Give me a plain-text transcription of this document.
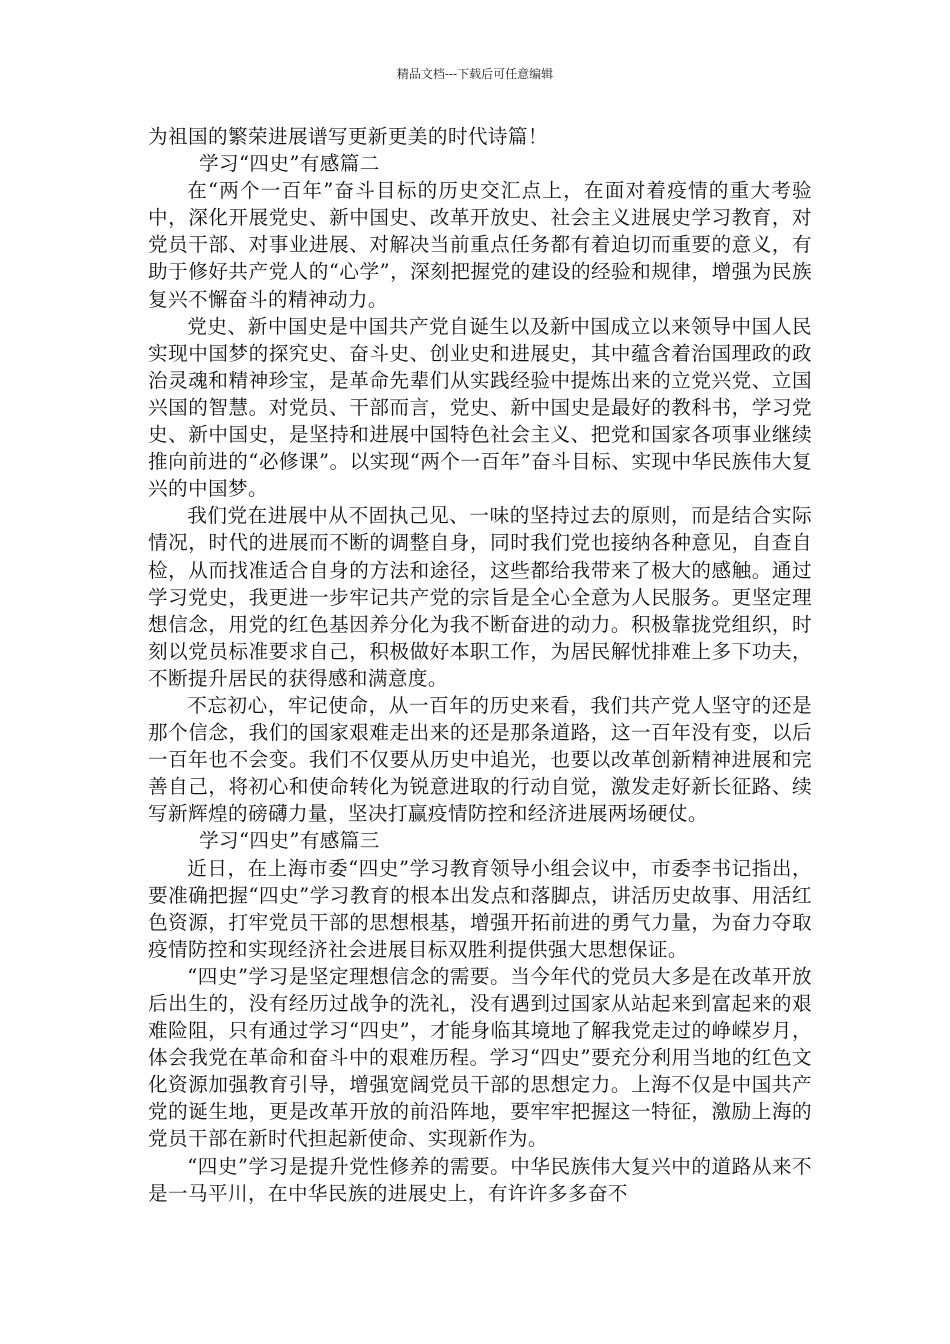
精品文档---下载后可任意编辑

为祖国的繁荣进展谱写更新更美的时代诗篇！

学习“四史”有感篇二

在“两个一百年”奋斗目标的历史交汇点上，在面对着疫情的重大考验中，深化开展党史、新中国史、改革开放史、社会主义进展史学习教育，对党员干部、对事业进展、对解决当前重点任务都有着迫切而重要的意义，有助于修好共产党人的“心学”，深刻把握党的建设的经验和规律，增强为民族复兴不懈奋斗的精神动力。

党史、新中国史是中国共产党自诞生以及新中国成立以来领导中国人民实现中国梦的探究史、奋斗史、创业史和进展史，其中蕴含着治国理政的政治灵魂和精神珍宝，是革命先辈们从实践经验中提炼出来的立党兴党、立国兴国的智慧。对党员、干部而言，党史、新中国史是最好的教科书，学习党史、新中国史，是坚持和进展中国特色社会主义、把党和国家各项事业继续推向前进的“必修课”。以实现“两个一百年”奋斗目标、实现中华民族伟大复兴的中国梦。

我们党在进展中从不固执己见、一味的坚持过去的原则，而是结合实际情况，时代的进展而不断的调整自身，同时我们党也接纳各种意见，自查自检，从而找准适合自身的方法和途径，这些都给我带来了极大的感触。通过学习党史，我更进一步牢记共产党的宗旨是全心全意为人民服务。更坚定理想信念，用党的红色基因养分化为我不断奋进的动力。积极靠拢党组织，时刻以党员标准要求自己，积极做好本职工作，为居民解忧排难上多下功夫，不断提升居民的获得感和满意度。

不忘初心，牢记使命，从一百年的历史来看，我们共产党人坚守的还是那个信念，我们的国家艰难走出来的还是那条道路，这一百年没有变，以后一百年也不会变。我们不仅要从历史中追光，也要以改革创新精神进展和完善自己，将初心和使命转化为锐意进取的行动自觉，激发走好新长征路、续写新辉煌的磅礴力量，坚决打赢疫情防控和经济进展两场硬仗。

学习“四史”有感篇三

近日，在上海市委“四史”学习教育领导小组会议中，市委李书记指出，要准确把握“四史”学习教育的根本出发点和落脚点，讲活历史故事、用活红色资源，打牢党员干部的思想根基，增强开拓前进的勇气力量，为奋力夺取疫情防控和实现经济社会进展目标双胜利提供强大思想保证。

“四史”学习是坚定理想信念的需要。当今年代的党员大多是在改革开放后出生的，没有经历过战争的洗礼，没有遇到过国家从站起来到富起来的艰难险阻，只有通过学习“四史”，才能身临其境地了解我党走过的峥嵘岁月，体会我党在革命和奋斗中的艰难历程。学习“四史”要充分利用当地的红色文化资源加强教育引导，增强宽阔党员干部的思想定力。上海不仅是中国共产党的诞生地，更是改革开放的前沿阵地，要牢牢把握这一特征，激励上海的党员干部在新时代担起新使命、实现新作为。

“四史”学习是提升党性修养的需要。中华民族伟大复兴中的道路从来不是一马平川，在中华民族的进展史上，有许许多多奋不
